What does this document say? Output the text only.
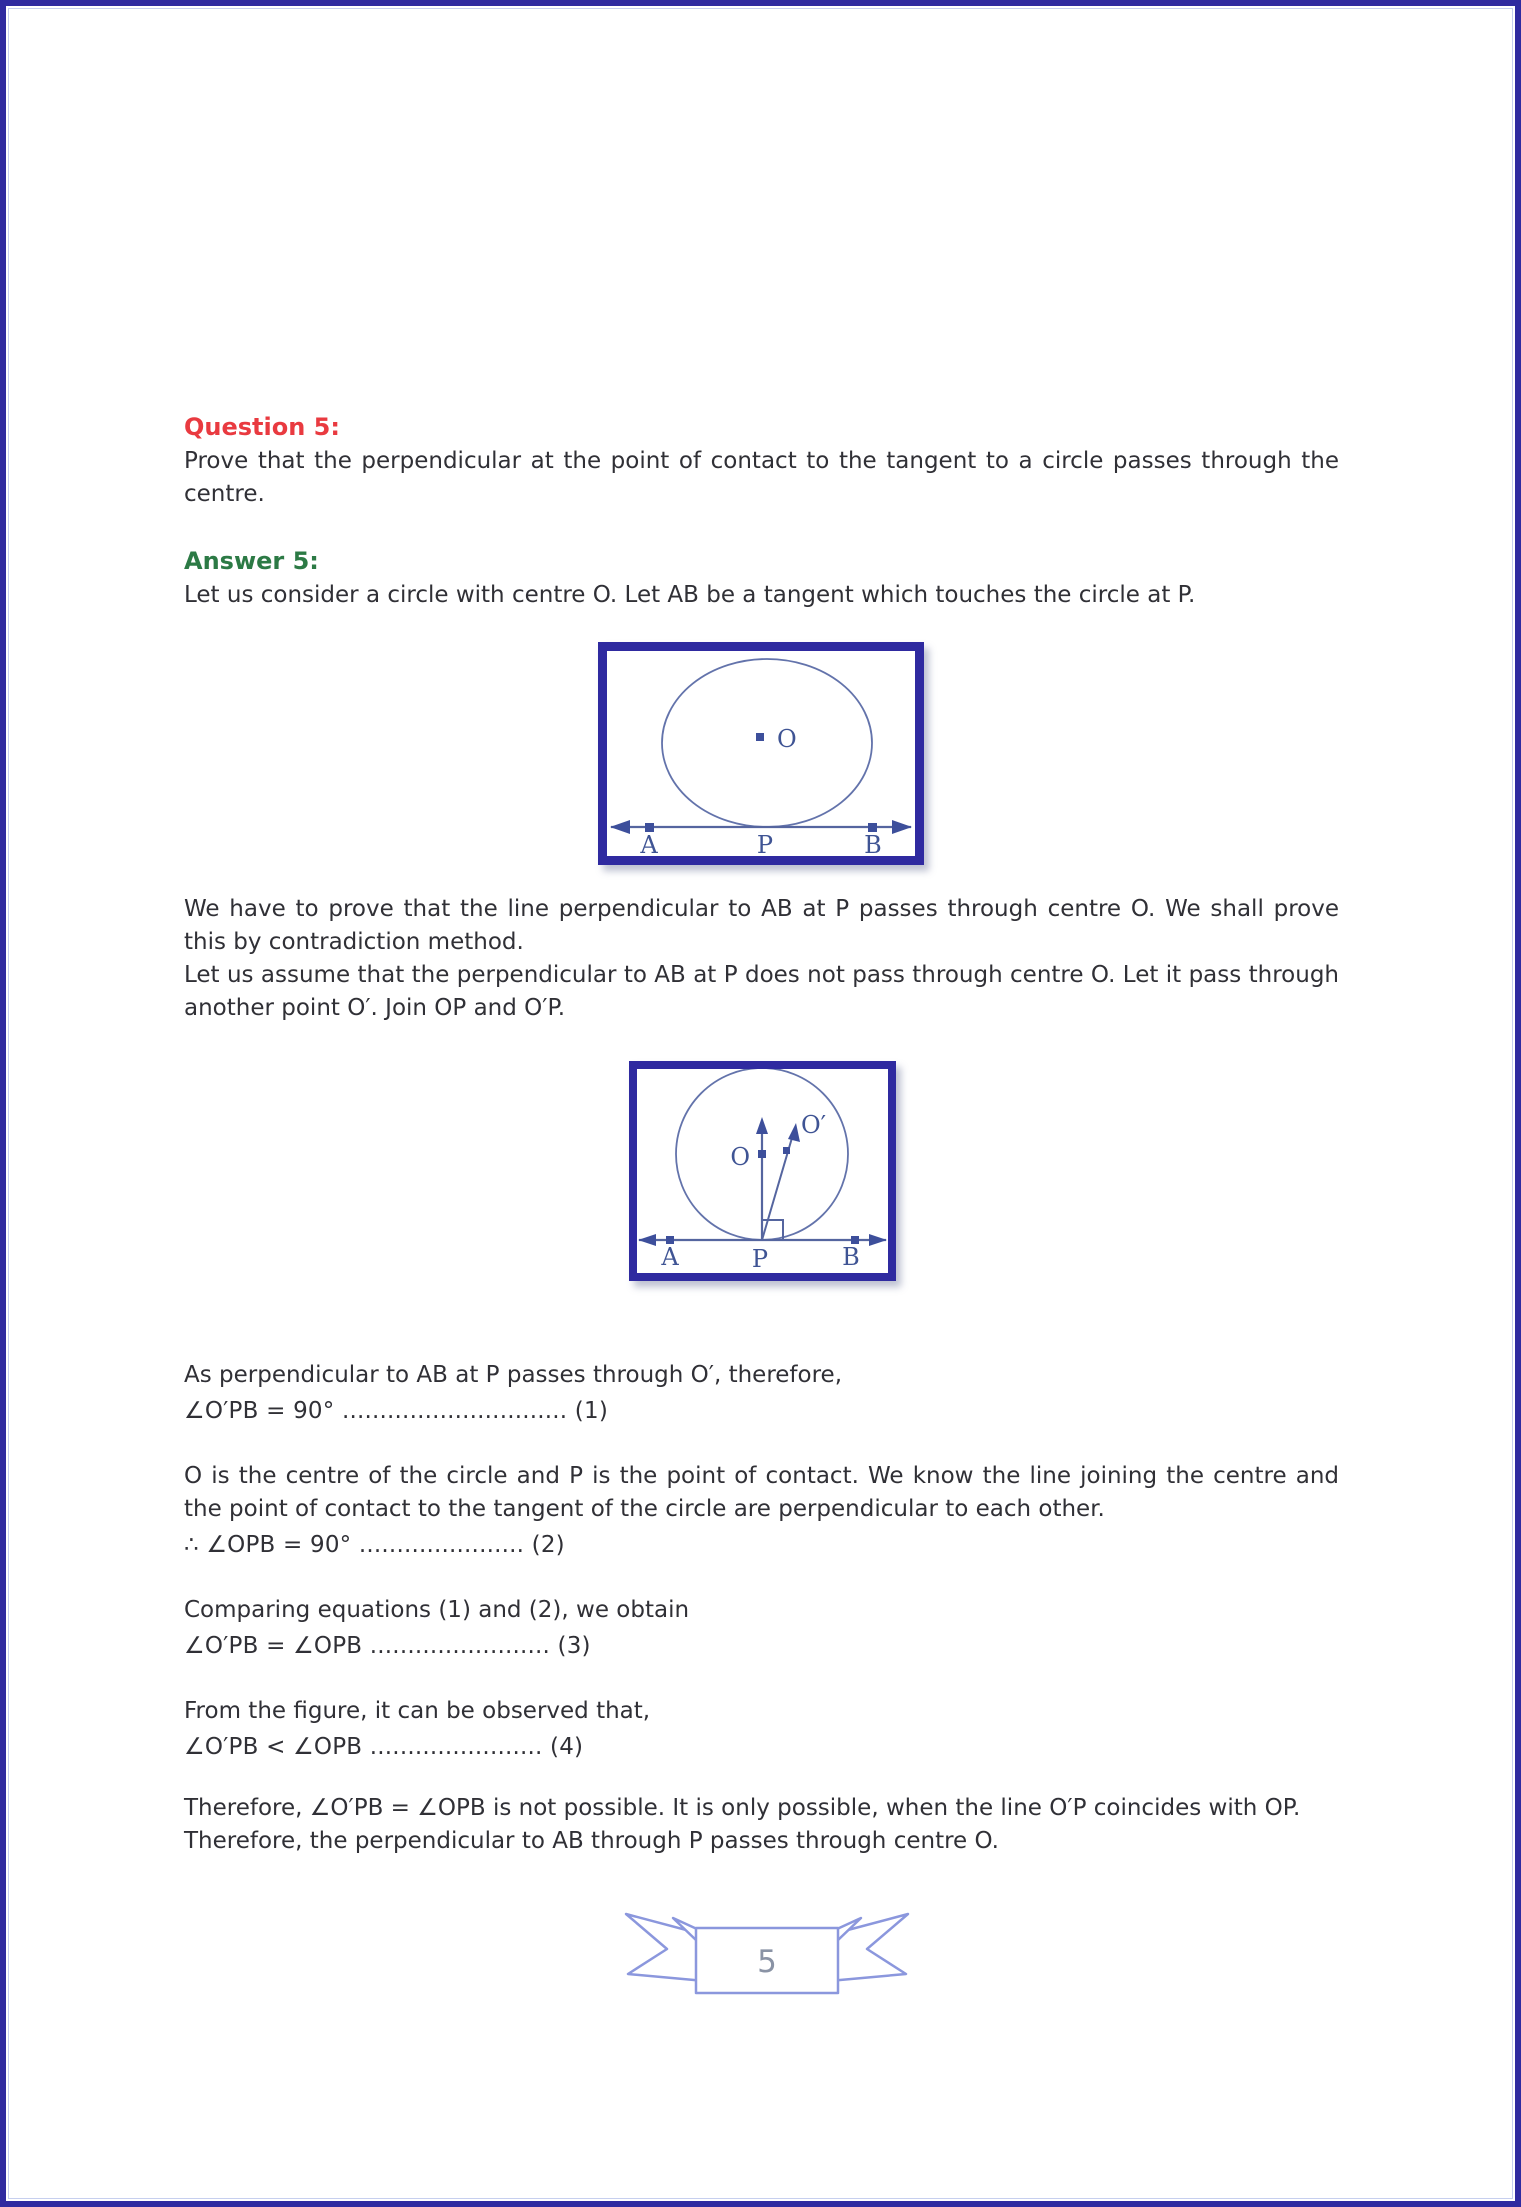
Question 5:

Prove that the perpendicular at the point of contact to the tangent to a circle passes through the centre.

Answer 5:

Let us consider a circle with centre O. Let AB be a tangent which touches the circle at P.

O
A	P	B

We have to prove that the line perpendicular to AB at P passes through centre O. We shall prove this by contradiction method.

Let us assume that the perpendicular to AB at P does not pass through centre O. Let it pass through another point O′. Join OP and O′P.

O
O′
A	P	B

As perpendicular to AB at P passes through O′, therefore,

∠O′PB = 90° .............................. (1)

O is the centre of the circle and P is the point of contact. We know the line joining the centre and the point of contact to the tangent of the circle are perpendicular to each other.

∴ ∠OPB = 90° ...................... (2)

Comparing equations (1) and (2), we obtain

∠O′PB = ∠OPB ........................ (3)

From the figure, it can be observed that,

∠O′PB < ∠OPB ....................... (4)

Therefore, ∠O′PB = ∠OPB is not possible. It is only possible, when the line O′P coincides with OP.

Therefore, the perpendicular to AB through P passes through centre O.

5
